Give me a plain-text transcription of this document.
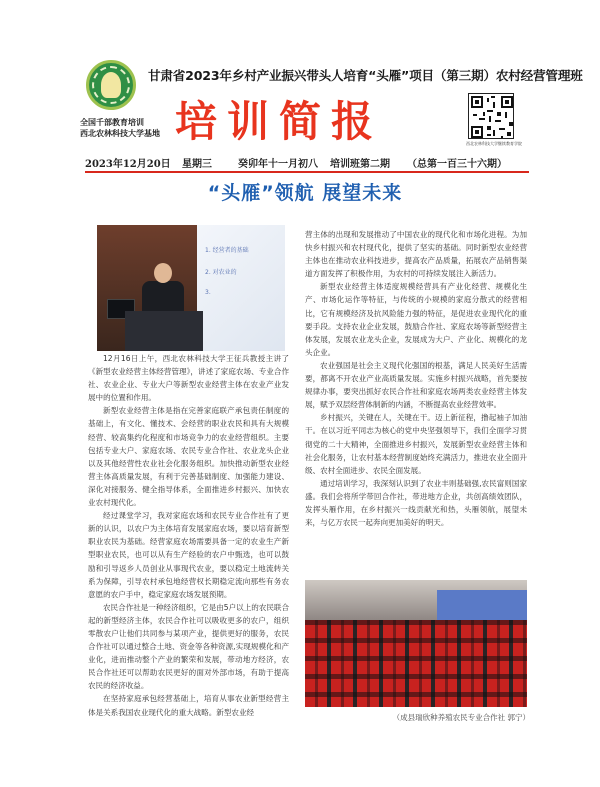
全国千部教育培训
西北农林科技大学基地
甘肃省2023年乡村产业振兴带头人培育“头雁”项目（第三期）农村经营管理班
培训简报	西北农林科技大学继续教育学院
2023年12月20日 星期三	癸卯年十一月初八 培训班第二期 （总第一百三十六期）
“头雁”领航 展望未来
1. 经营者的基础
2. 对农业的
3.

12月16日上午，西北农林科技大学王征兵教授主讲了《新型农业经营主体经营管理》，讲述了家庭农场、专业合作社、农业企业、专业大户等新型农业经营主体在农业产业发展中的位置和作用。

新型农业经营主体是指在完善家庭联产承包责任制度的基础上，有文化、懂技术、会经营的职业农民和具有大规模经营、较高集约化程度和市场竞争力的农业经营组织。主要包括专业大户、家庭农场、农民专业合作社、农业龙头企业以及其他经营性农业社会化服务组织。加快推动新型农业经营主体高质量发展，有利于完善基础制度、加强能力建设、深化对接服务、健全指导体系，全面推进乡村振兴、加快农业农村现代化。

经过课堂学习，我对家庭农场和农民专业合作社有了更新的认识，以农户为主体培育发展家庭农场，要以培育新型职业农民为基础。经营家庭农场需要具备一定的农业生产新型职业农民，也可以从有生产经验的农户中甄选，也可以鼓励和引导返乡人员创业从事现代农业，要以稳定土地流转关系为保障，引导农村承包地经营权长期稳定流向那些有务农意愿的农户手中，稳定家庭农场发展预期。

农民合作社是一种经济组织，它是由5户以上的农民联合起的新型经济主体，农民合作社可以吸收更多的农户，组织零散农户让他们共同参与某项产业，提供更好的服务，农民合作社可以通过整合土地、资金等各种资源,实现规模化和产业化，进而推动整个产业的繁荣和发展，带动地方经济，农民合作社还可以帮助农民更好的面对外部市场，有助于提高农民的经济收益。

在坚持家庭承包经营基础上，培育从事农业新型经营主体是关系我国农业现代化的重大战略。新型农业经

营主体的出现和发展推动了中国农业的现代化和市场化进程。为加快乡村振兴和农村现代化，提供了坚实的基础。同时新型农业经营主体也在推动农业科技进步，提高农产品质量，拓展农产品销售渠道方面发挥了积极作用，为农村的可持续发展注入新活力。

新型农业经营主体适度规模经营具有产业化经营、规模化生产、市场化运作等特征，与传统的小规模的家庭分散式的经营相比，它有规模经济及抗风险能力强的特征，是促进农业现代化的重要手段。支持农业企业发展，鼓励合作社、家庭农场等新型经营主体发展，发展农业龙头企业，发展成为大户、产业化、规模化的龙头企业。

农业强国是社会主义现代化强国的根基，满足人民美好生活需要，都离不开农业产业高质量发展。实施乡村振兴战略，首先要按规律办事，要突出抓好农民合作社和家庭农场两类农业经营主体发展，赋予双层经营体制新的内涵，不断提高农业经营效率。

乡村振兴，关键在人，关键在干。迈上新征程，撸起袖子加油干。在以习近平同志为核心的党中央坚强领导下，我们全面学习贯彻党的二十大精神，全面推进乡村振兴，发展新型农业经营主体和社会化服务，让农村基本经营制度始终充满活力，推进农业全面升级、农村全面进步、农民全面发展。

通过培训学习，我深刻认识到了农业丰则基础强,农民富则国家盛。我们会将所学带回合作社，带进地方企业，共创高绩效团队，发挥头雁作用，在乡村振兴一线贡献光和热，头雁领航，展望未来，与亿万农民一起奔向更加美好的明天。

（成县瑞欣种养殖农民专业合作社 郭宁）
